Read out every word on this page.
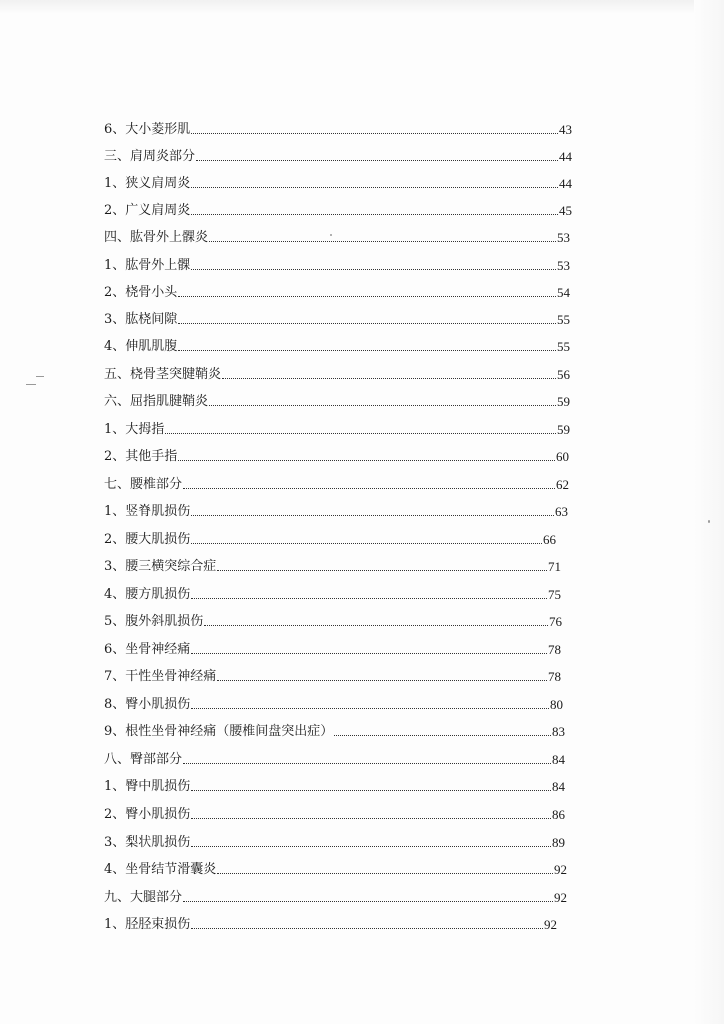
6、大小菱形肌	43
三、肩周炎部分	44
1、狭义肩周炎	44
2、广义肩周炎	45
四、肱骨外上髁炎	53
1、肱骨外上髁	53
2、桡骨小头	54
3、肱桡间隙	55
4、伸肌肌腹	55
五、桡骨茎突腱鞘炎	56
六、屈指肌腱鞘炎	59
1、大拇指	59
2、其他手指	60
七、腰椎部分	62
1、竖脊肌损伤	63
2、腰大肌损伤	66
3、腰三横突综合症	71
4、腰方肌损伤	75
5、腹外斜肌损伤	76
6、坐骨神经痛	78
7、干性坐骨神经痛	78
8、臀小肌损伤	80
9、根性坐骨神经痛（腰椎间盘突出症）	83
八、臀部部分	84
1、臀中肌损伤	84
2、臀小肌损伤	86
3、梨状肌损伤	89
4、坐骨结节滑囊炎	92
九、大腿部分	92
1、胫胫束损伤	92
